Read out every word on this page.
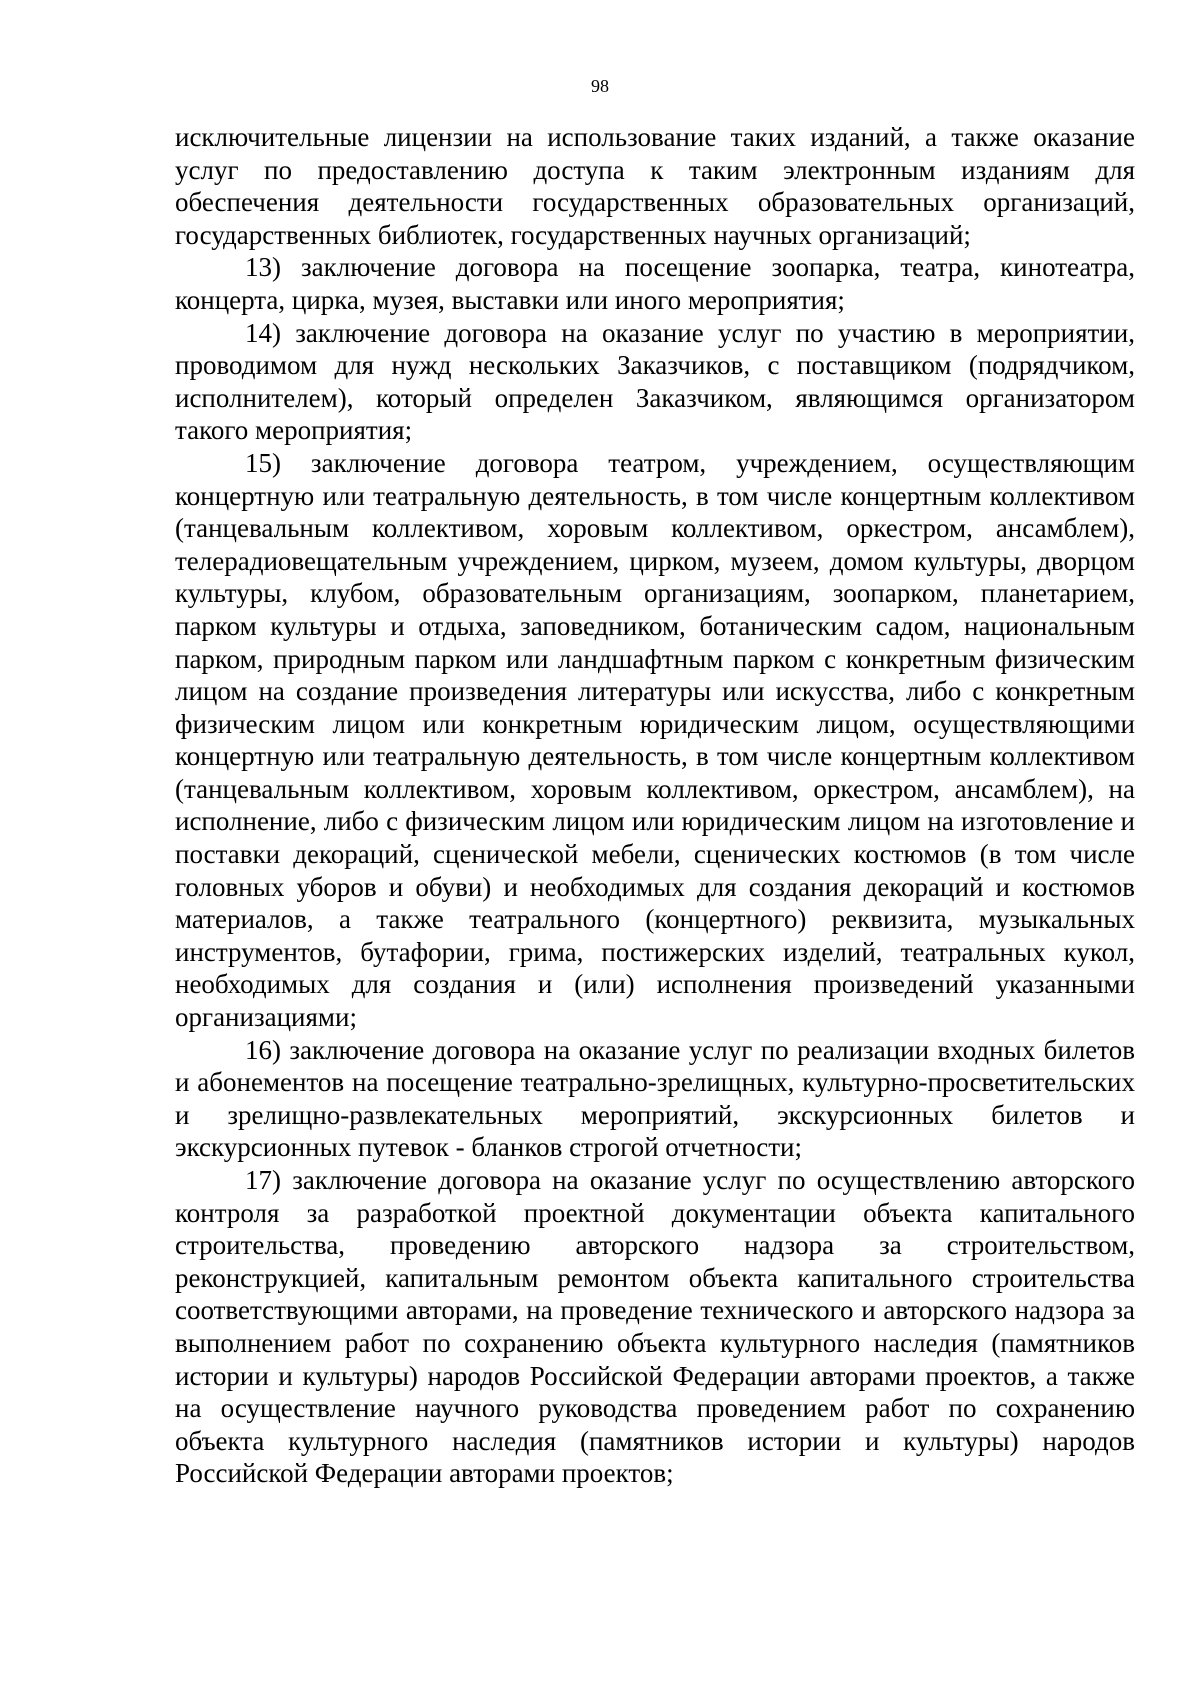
98

исключительные лицензии на использование таких изданий, а также оказание услуг по предоставлению доступа к таким электронным изданиям для обеспечения деятельности государственных образовательных организаций, государственных библиотек, государственных научных организаций;

13) заключение договора на посещение зоопарка, театра, кинотеатра, концерта, цирка, музея, выставки или иного мероприятия;

14) заключение договора на оказание услуг по участию в мероприятии, проводимом для нужд нескольких Заказчиков, с поставщиком (подрядчиком, исполнителем), который определен Заказчиком, являющимся организатором такого мероприятия;

15) заключение договора театром, учреждением, осуществляющим концертную или театральную деятельность, в том числе концертным коллективом (танцевальным коллективом, хоровым коллективом, оркестром, ансамблем), телерадиовещательным учреждением, цирком, музеем, домом культуры, дворцом культуры, клубом, образовательным организациям, зоопарком, планетарием, парком культуры и отдыха, заповедником, ботаническим садом, национальным парком, природным парком или ландшафтным парком с конкретным физическим лицом на создание произведения литературы или искусства, либо с конкретным физическим лицом или конкретным юридическим лицом, осуществляющими концертную или театральную деятельность, в том числе концертным коллективом (танцевальным коллективом, хоровым коллективом, оркестром, ансамблем), на исполнение, либо с физическим лицом или юридическим лицом на изготовление и поставки декораций, сценической мебели, сценических костюмов (в том числе головных уборов и обуви) и необходимых для создания декораций и костюмов материалов, а также театрального (концертного) реквизита, музыкальных инструментов, бутафории, грима, постижерских изделий, театральных кукол, необходимых для создания и (или) исполнения произведений указанными организациями;

16) заключение договора на оказание услуг по реализации входных билетов и абонементов на посещение театрально-зрелищных, культурно-просветительских и зрелищно-развлекательных мероприятий, экскурсионных билетов и экскурсионных путевок - бланков строгой отчетности;

17) заключение договора на оказание услуг по осуществлению авторского контроля за разработкой проектной документации объекта капитального строительства, проведению авторского надзора за строительством, реконструкцией, капитальным ремонтом объекта капитального строительства соответствующими авторами, на проведение технического и авторского надзора за выполнением работ по сохранению объекта культурного наследия (памятников истории и культуры) народов Российской Федерации авторами проектов, а также на осуществление научного руководства проведением работ по сохранению объекта культурного наследия (памятников истории и культуры) народов Российской Федерации авторами проектов;
